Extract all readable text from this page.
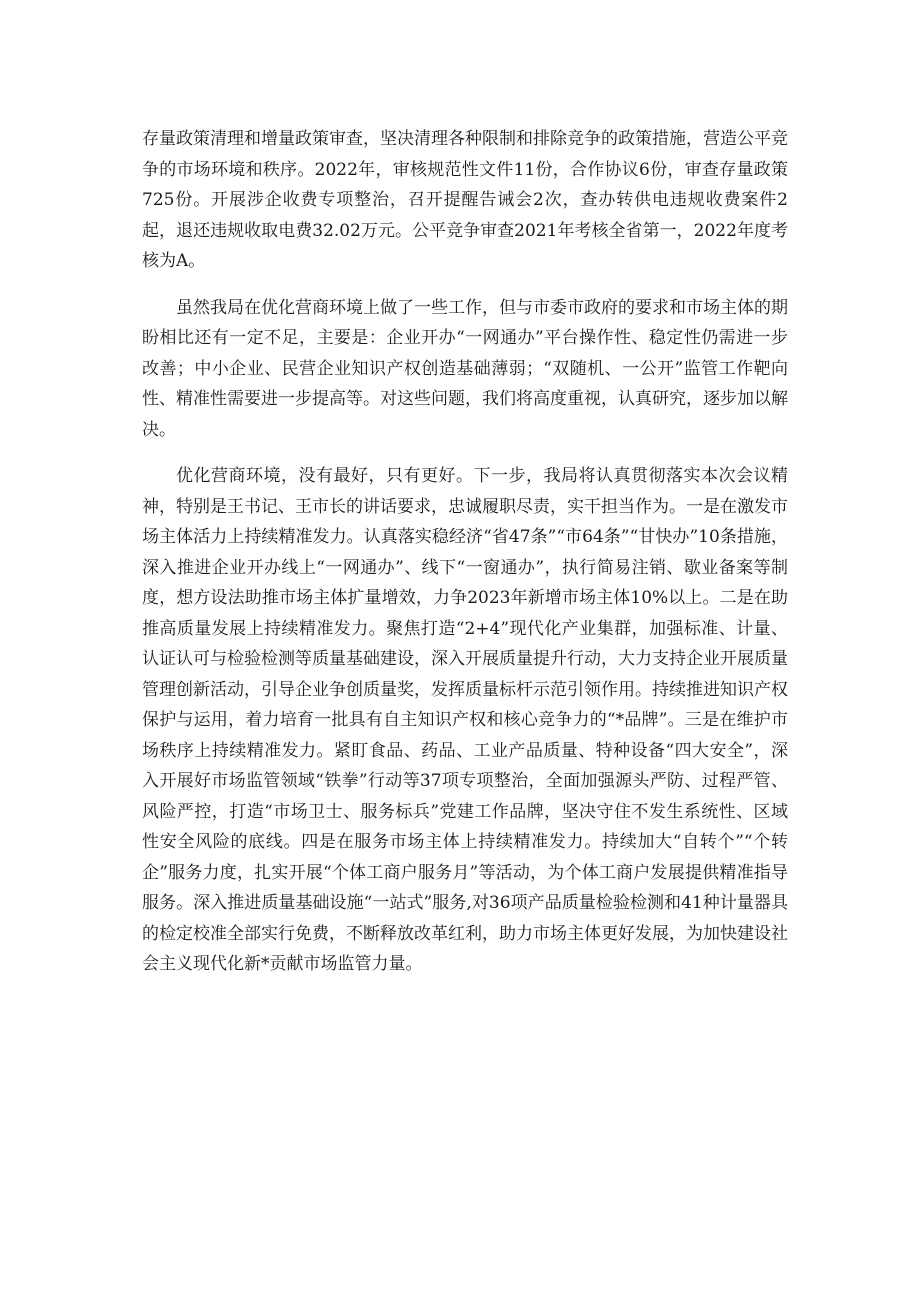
存量政策清理和增量政策审查，坚决清理各种限制和排除竞争的政策措施，营造公平竞争的市场环境和秩序。2022年，审核规范性文件11份，合作协议6份，审查存量政策725份。开展涉企收费专项整治，召开提醒告诫会2次，查办转供电违规收费案件2起，退还违规收取电费32.02万元。公平竞争审查2021年考核全省第一，2022年度考核为A。

虽然我局在优化营商环境上做了一些工作，但与市委市政府的要求和市场主体的期盼相比还有一定不足，主要是：企业开办“一网通办”平台操作性、稳定性仍需进一步改善；中小企业、民营企业知识产权创造基础薄弱；“双随机、一公开”监管工作靶向性、精准性需要进一步提高等。对这些问题，我们将高度重视，认真研究，逐步加以解决。

优化营商环境，没有最好，只有更好。下一步，我局将认真贯彻落实本次会议精神，特别是王书记、王市长的讲话要求，忠诚履职尽责，实干担当作为。一是在激发市场主体活力上持续精准发力。认真落实稳经济“省47条”“市64条”“甘快办”10条措施，深入推进企业开办线上“一网通办”、线下“一窗通办”，执行简易注销、歇业备案等制度，想方设法助推市场主体扩量增效，力争2023年新增市场主体10%以上。二是在助推高质量发展上持续精准发力。聚焦打造“2+4”现代化产业集群，加强标准、计量、认证认可与检验检测等质量基础建设，深入开展质量提升行动，大力支持企业开展质量管理创新活动，引导企业争创质量奖，发挥质量标杆示范引领作用。持续推进知识产权保护与运用，着力培育一批具有自主知识产权和核心竞争力的“*品牌”。三是在维护市场秩序上持续精准发力。紧盯食品、药品、工业产品质量、特种设备“四大安全”，深入开展好市场监管领域“铁拳”行动等37项专项整治，全面加强源头严防、过程严管、风险严控，打造“市场卫士、服务标兵”党建工作品牌，坚决守住不发生系统性、区域性安全风险的底线。四是在服务市场主体上持续精准发力。持续加大“自转个”“个转企”服务力度，扎实开展“个体工商户服务月”等活动，为个体工商户发展提供精准指导服务。深入推进质量基础设施“一站式”服务,对36项产品质量检验检测和41种计量器具的检定校准全部实行免费，不断释放改革红利，助力市场主体更好发展，为加快建设社会主义现代化新*贡献市场监管力量。
